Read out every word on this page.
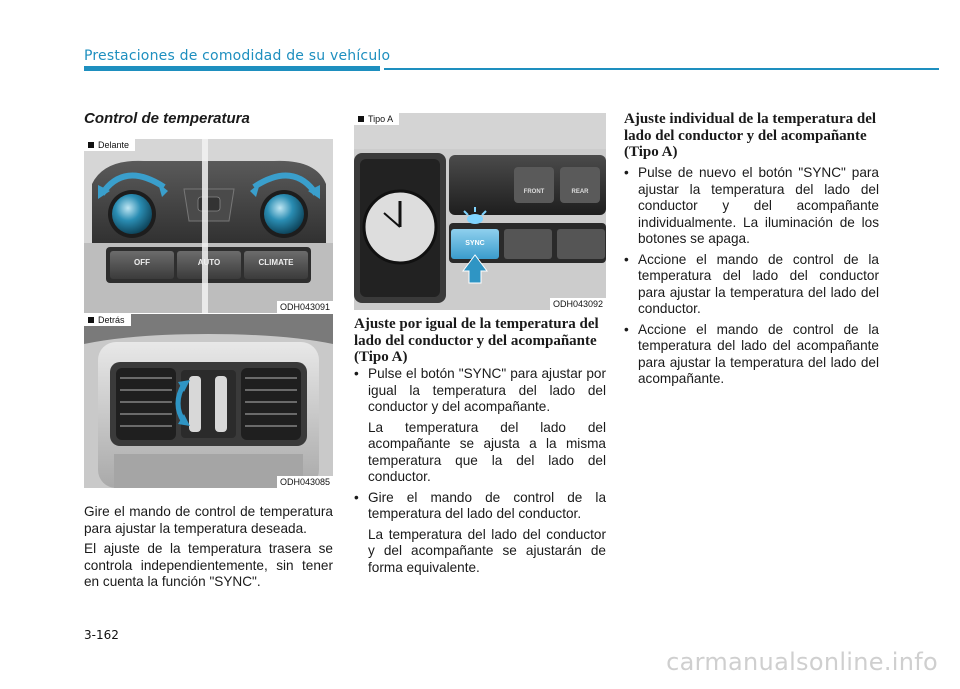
Prestaciones de comodidad de su vehículo
Control de temperatura
OFF	AUTO	CLIMATE
Delante
ODH043091
Detrás
ODH043085

Gire el mando de control de temperatura para ajustar la temperatura deseada.

El ajuste de la temperatura trasera se controla independientemente, sin tener en cuenta la función "SYNC".

FRONT	REAR
SYNC
Tipo A
ODH043092
Ajuste por igual de la temperatura del lado del conductor y del acompañante (Tipo A)
• Pulse el botón "SYNC" para ajustar por igual la temperatura del lado del conductor y del acompañante.
La temperatura del lado del acompañante se ajusta a la misma temperatura que la del lado del conductor.
• Gire el mando de control de la temperatura del lado del conductor.
La temperatura del lado del conductor y del acompañante se ajustarán de forma equivalente.
Ajuste individual de la temperatura del lado del conductor y del acompañante (Tipo A)
• Pulse de nuevo el botón "SYNC" para ajustar la temperatura del lado del conductor y del acompañante individualmente. La iluminación de los botones se apaga.
• Accione el mando de control de la temperatura del lado del conductor para ajustar la temperatura del lado del conductor.
• Accione el mando de control de la temperatura del lado del acompañante para ajustar la temperatura del lado del acompañante.
3-162
carmanualsonline.info
